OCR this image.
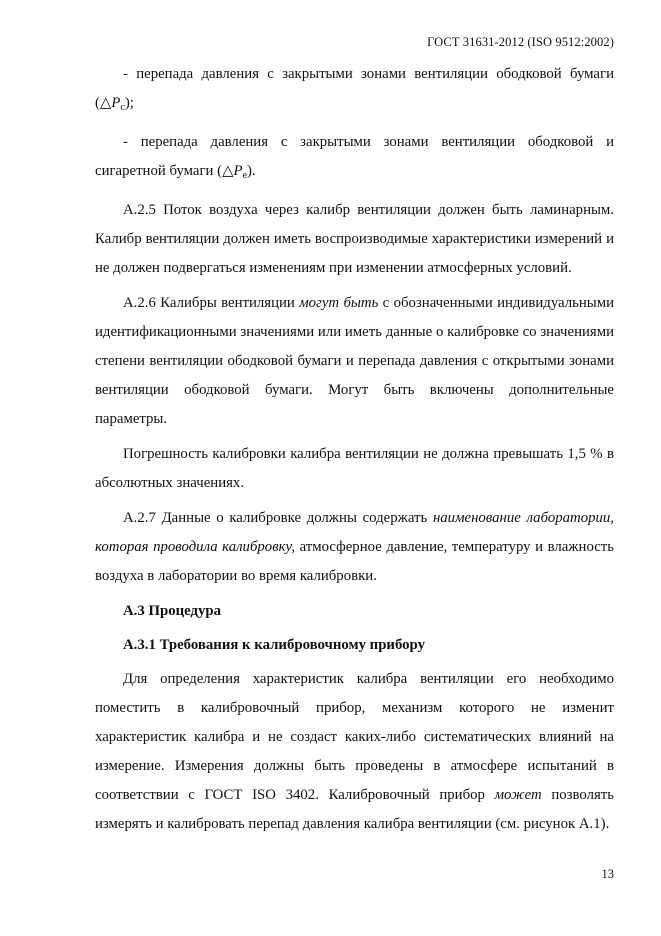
ГОСТ 31631-2012 (ISO 9512:2002)

- перепада давления с закрытыми зонами вентиляции ободковой бумаги $(\triangle P_c)$;

- перепада давления с закрытыми зонами вентиляции ободковой и сигаретной бумаги $(\triangle P_e)$.

А.2.5 Поток воздуха через калибр вентиляции должен быть ламинарным. Калибр вентиляции должен иметь воспроизводимые характеристики измерений и не должен подвергаться изменениям при изменении атмосферных условий.

А.2.6 Калибры вентиляции могут быть с обозначенными индивидуальными идентификационными значениями или иметь данные о калибровке со значениями степени вентиляции ободковой бумаги и перепада давления с открытыми зонами вентиляции ободковой бумаги. Могут быть включены дополнительные параметры.

Погрешность калибровки калибра вентиляции не должна превышать 1,5 % в абсолютных значениях.

А.2.7 Данные о калибровке должны содержать наименование лаборатории, которая проводила калибровку, атмосферное давление, температуру и влажность воздуха в лаборатории во время калибровки.

А.3 Процедура

А.3.1 Требования к калибровочному прибору

Для определения характеристик калибра вентиляции его необходимо поместить в калибровочный прибор, механизм которого не изменит характеристик калибра и не создаст каких-либо систематических влияний на измерение. Измерения должны быть проведены в атмосфере испытаний в соответствии с ГОСТ ISO 3402. Калибровочный прибор может позволять измерять и калибровать перепад давления калибра вентиляции (см. рисунок А.1).

13
